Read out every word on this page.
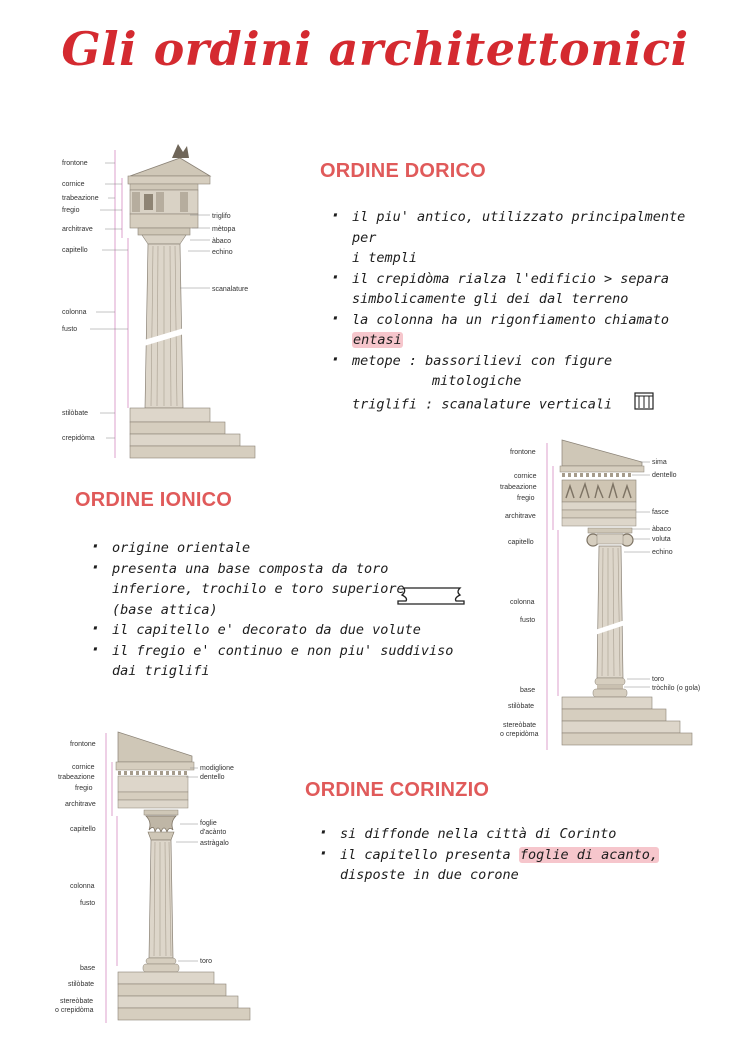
Gli ordini architettonici
frontone
cornice
trabeazione
fregio
architrave
capitello
colonna
fusto
stilòbate
crepidòma
triglifo
mètopa
àbaco
echino
scanalature
ORDINE DORICO
· il piu' antico, utilizzato principalmente per
i templi
· il crepidòma rialza l'edificio > separa
simbolicamente gli dei dal terreno
· la colonna ha un rigonfiamento chiamato
entasi
· metope : bassorilievi con figure
mitologiche
triglifi : scanalature verticali
frontone
cornice
trabeazione
fregio
architrave
capitello
colonna
fusto
base
stilòbate
stereòbate
o crepidòma
sima
dentello
fasce
àbaco
voluta
echino
toro
tròchilo (o gola)
ORDINE IONICO
· origine orientale
· presenta una base composta da toro
inferiore, trochilo e toro superiore
(base attica)
· il capitello e' decorato da due volute
· il fregio e' continuo e non piu' suddiviso
dai triglifi
frontone
cornice
trabeazione
fregio
architrave
capitello
colonna
fusto
base
stilòbate
stereòbate
o crepidòma
modiglione
dentello
foglie
d'acànto
astràgalo
toro
ORDINE CORINZIO
· si diffonde nella città di Corinto
· il capitello presenta foglie di acanto,
disposte in due corone
